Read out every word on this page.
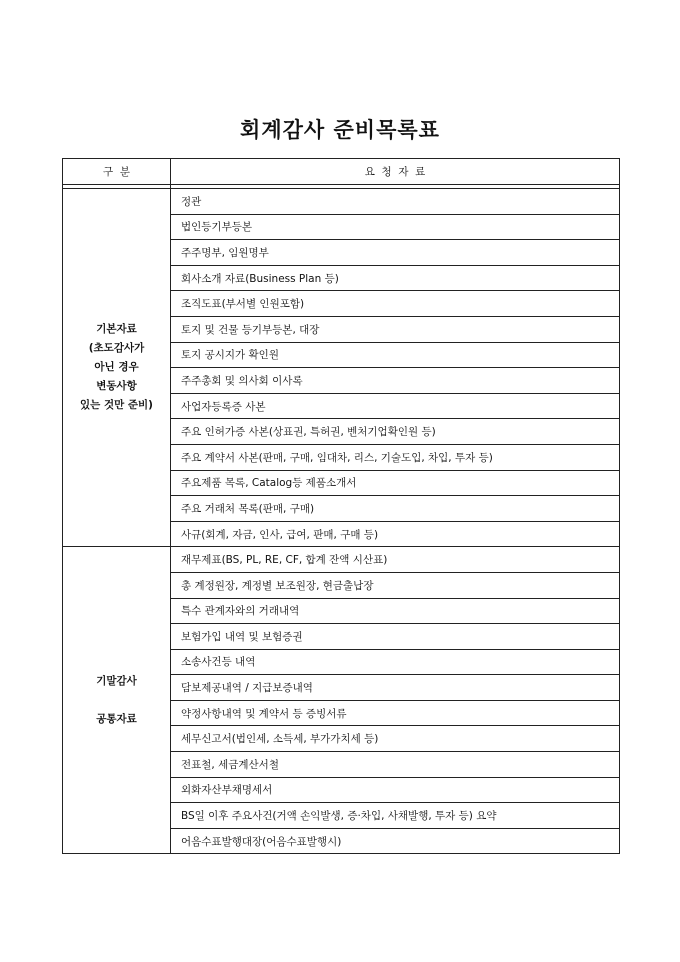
회계감사 준비목록표
구  분	요  청  자  료

기본자료
(초도감사가
아닌 경우
변동사항
있는 것만 준비)	정관
	법인등기부등본
	주주명부, 임원명부
	회사소개 자료(Business Plan 등)
	조직도표(부서별 인원포함)
	토지 및 건물 등기부등본, 대장
	토지 공시지가 확인원
	주주총회 및 의사회 이사록
	사업자등록증 사본
	주요 인허가증 사본(상표권, 특허권, 벤처기업확인원 등)
	주요 계약서 사본(판매, 구매, 임대차, 리스, 기술도입, 차입, 투자 등)
	주요제품 목록, Catalog등 제품소개서
	주요 거래처 목록(판매, 구매)
	사규(회계, 자금, 인사, 급여, 판매, 구매 등)

기말감사
공통자료	재무제표(BS, PL, RE, CF, 합계 잔액 시산표)
	총 계정원장, 계정별 보조원장, 현금출납장
	특수 관계자와의 거래내역
	보험가입 내역 및 보험증권
	소송사건등 내역
	담보제공내역 / 지급보증내역
	약정사항내역 및 계약서 등 증빙서류
	세무신고서(법인세, 소득세, 부가가치세 등)
	전표철, 세금계산서철
	외화자산부채명세서
	BS일 이후 주요사건(거액 손익발생, 증·차입, 사채발행, 투자 등) 요약
	어음수표발행대장(어음수표발행시)
